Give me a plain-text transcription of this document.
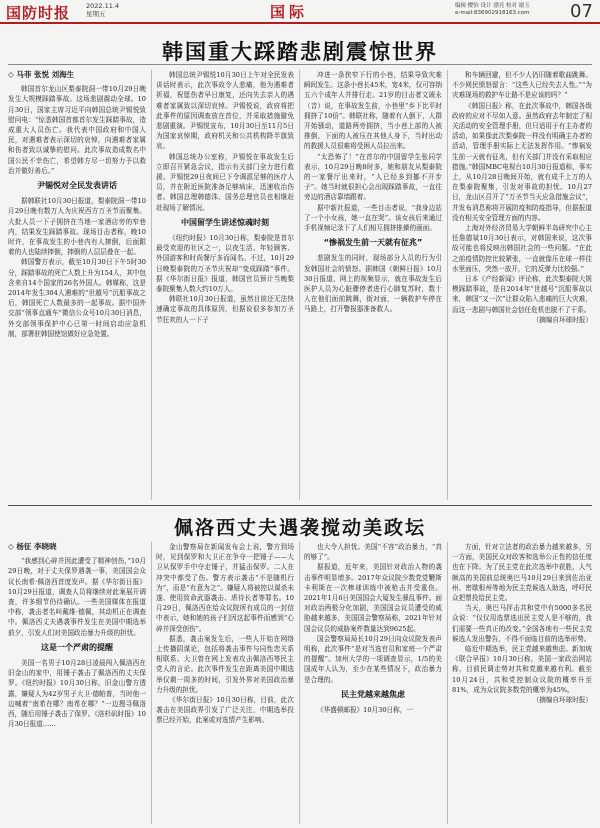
国防时报 2022.11.4
星期五	国际	编辑 樱怡 设计 漂亮 校对 谢玉
e-mail:836902918163.com 07
韩国重大踩踏悲剧震惊世界
◇ 马菲 张悦 刘海生

韩国首尔龙山区梨泰院洞一带10月29日晚发生大规模踩踏事故。这场悲剧震动全球。10月30日，国家主席习近平向韩国总统尹锡悦致慰问电：“惊悉韩国首都首尔发生踩踏事故，造成重大人员伤亡。我代表中国政府和中国人民，对遇难者表示深切的哀悼，向遇难者家属和伤者致以诚挚的慰问。此次事故造成数名中国公民不幸伤亡，希望韩方尽一切努力予以救治并做好善后。”

尹锡悦对全民发表讲话

据韩联社10月30日报道，梨泰院洞一带10月29日晚有数万人为庆祝西方万圣节而聚集。大批人员一下子拥挤在当地一家酒店旁的窄巷内，结果发生踩踏事故。现场目击者称，晚10时许，在事故发生的小巷内有人摔倒，后面跟着的人也陆续摔倒，摔倒的人层层叠在一起。

韩国警方表示，截至10月30日下午5时30分，踩踏事故的死亡人数上升为154人，其中包含来自14个国家的26名外国人。韩媒称，这是2014年发生304人遇难的“世越号”沉船事故之后，韩国死亡人数最多的一起事故。据中国外交部“领事直通车”微信公众号10月30日消息，外交部领事保护中心已第一时间启动应急机制，部署驻韩国使馆做好应急处置。

韩国总统尹锡悦10月30日上午对全民发表讲话时表示，此次事故令人悲痛，他为遇难者祈福，祝愿伤者早日康复，还向失去亲人的遇难者家属致以深切哀悼。尹锡悦说，政府将把此事件的原因调查放在首位，并采取措施避免悲剧重演。尹锡悦宣布，10月30日至11月5日为国家哀悼期，政府机关和公共机构降半旗致哀。

韩国总统办公室称，尹锡悦在事故发生后立即召开紧急会议，指示有关部门全力进行救援。尹锡悦29日夜间已下令调派足够的医疗人员，并在附近医院准备足够病床，迅速收治伤者。韩国总理韩德洙、国务总理官员也相继赶赴现场了解情况。

中国留学生讲述惊魂时刻

《纽约时报》10月30日称，梨泰院是首尔最受欢迎的社区之一，以夜生活、年轻顾客、外国游客和时尚餐厅多而闻名。不过，10月29日晚梨泰院的万圣节庆祝却“变成踩踏”事件。据《华尔街日报》报道，韩国官员预计当晚梨泰院聚集人数大约10万人。

韩联社10月30日报道，虽然目前还无法快速确定事故的具体原因，但据说很多参加万圣节狂欢的人一下子

冲进一条狭窄下行的小巷，结果导致灾难瞬间发生。这条小巷长45米，宽4米，仅可容纳五六个成年人并排行走。21岁的目击者文琥永（音）说，在事故发生前，小巷里“乡下比平时拥挤了10倍”。韩联社称，随着有人倒下，人群开始骚动，道路两旁拥挤，当小巷上部的人被推倒，下面的人被压在其他人身下，当时出动的救援人员很难将受困人员拉出来。

“太恐怖了！”在首尔的中国留学生张同学表示，10月29日晚8时多，她和朋友从梨泰院的一家餐厅出来时，“人已经多到挪不开步子”。她当时就很担心会出现踩踏事故，一直往旁边的酒店靠墙跟着。

据中新社报道，一些目击者说，“我身边站了一个小女孩，她一直在哭”。该女孩后来通过手机视频记录下了人们相互拥挤推搡的画面。

“惨祸发生前一天就有征兆”

悲剧发生的同时，现场部分人员的行为引发韩国社会的愤怒。据韩国《朝鲜日报》10月30日报道，网上的视频显示，就在事故发生后医护人员为心脏骤停者进行心肺复苏时，数十人在他们面前跳舞，街对面，一辆救护车停在马路上，打开警报器准备救人。

和车辆回避，但不少人仍旧随着歌曲跳舞。不少网民愤怒留言：“这些人已经失去人性。”“为灾难现场的救护车让路不是应该的吗？”

《韩国日报》称，在此次事故中，韩国各级政府的应对不尽如人意。虽然政府去年制定了相关活动的安全管理手册，但只适用于有主办者的活动，如果像此次梨泰院一样没有明确主办者的活动，管理手册实际上无法发挥作用。“惨祸发生前一天就有征兆，但有关部门并没有采取相应措施。”韩国MBC电视台10月30日报道称，事实上，从10月28日晚间开始，就有成千上万的人在梨泰院聚集，引发对事故的担忧。10月27日，龙山区召开了“万圣节当天应急措施会议”，并发布消息称将开展防疫和防疫指导，但据报道没有相关安全管理方面的内容。

上海对外经济贸易大学朝鲜半岛研究中心主任詹德斌10月30日表示，对韩国来说，这次事故可能也将反映出韩国社会的一些问题。“在此之前疫情防控比较紧张，一直就像压在球一样往水里面压，突然一放开，它的反弹力比较强。”

日本《产经新闻》评论称，此次梨泰院大规模踩踏事故，是自2014年“世越号”沉船事故以来，韩国“又一次”让群众陷入悲痛的巨大灾难，而这一悲剧与韩国社会信任危机也脱不了干系。

（摘编自环球时报）

佩洛西丈夫遇袭搅动美政坛
◇ 杨征 李晓晓

“我感到心碎并因此遭受了精神创伤，”10月29日晚，对于丈夫保罗遇袭一事，美国国会众议长南希·佩洛西首度发声。据《华尔街日报》10月29日报道，调查人员将继续对此案展开调查，许多细节仍待确认。一些美国媒体在报道中称，袭击者名叫戴维·德佩，其动机正在调查中。佩洛西丈夫遇袭事件发生在美国中期选举前夕，引发人们对美国政治暴力升级的担忧。

这是一个严肃的提醒

美国一名男子10月28日凌晨闯入佩洛西在旧金山的家中，用锤子袭击了佩洛西的丈夫保罗。《纽约时报》10月30日称，旧金山警方透露，嫌疑人为42岁男子大卫·德帕普，当时他一边喊着“南希在哪？南希在哪？”一边搜寻佩洛西，随后用锤子袭击了保罗。《洛杉矶时报》10月30日报道……

金山警察局在新闻发布会上说，警方到场时，见到保罗和大卫正在争夺一把锤子——大卫从保罗手中夺走锤子，并猛击保罗。二人在冲突中都受了伤。警方表示袭击“不是随机行为”，而是“有意为之”。嫌疑人将被控以谋杀未遂、使用致命武器袭击、虐待长者等罪名。10月29日，佩洛西在给众议院所有成员的一封信中表示，她和她的孩子们因这起事件而感到“心碎并深受创伤”。

据悉，袭击案发生后，一些人开始在网络上传播阴谋论，包括将袭击事件与同性恋关系相联系。大卫曾在网上发表攻击佩洛西等民主党人的言论。此次事件发生在距离美国中期选举仅剩一周多的时间，引发外界对美国政治暴力升级的担忧。

《华尔街日报》10月30日称，目前，此次袭击在美国政界引发了广泛关注，中期选举投票已经开始，此案或对选情产生影响。

也大令人担忧。美国“不容”政治暴力，“真的够了”。

据报道，近年来，美国针对政治人物的袭击事件明显增多。2017年众议院少数党党鞭斯卡利斯在一次棒球训练中被枪击并受重伤。2021年1月6日美国国会大厦发生骚乱事件。面对政治两极分化加剧，美国国会议员遭受的威胁越来越多，美国国会警察局称，2021年针对国会议员的威胁案件数量达到9625起。

国会警察局局长10月29日向众议院发表声明称，此次事件“是对当选官员和家庭一个严肃的提醒”。加州大学的一项调查显示，1/5的美国成年人认为，至少在某些情况下，政治暴力是合理的。

民主党越来越焦虑

《华盛顿邮报》10月30日称，一

方面，针对立法者的政治暴力越来越多，另一方面，美国民众对政客和选举公正性的信任度也在下降。为了民主党在此次选举中获胜，人气颇高的美国前总统奥巴马10月29日来到佐治亚州、密歇根州等地为民主党候选人助选，呼吁民众把票投给民主党。

当天，奥巴马抨击共和党中有5000多名民众说：“仅仅用选票选出民主党人是不够的，我们需要一些真正的改变。”全国各地有一些民主党候选人发出警告，不得不面临目前的选举形势。

临近中期选举，民主党越来越焦虑。新加坡《联合早报》10月30日称，美国一家政治网站称，目前民调走势对共和党越来越有利。截至10月24日，共和党控制众议院的概率升至81%，成为众议院多数党的概率为45%。

（摘编自环球时报）
